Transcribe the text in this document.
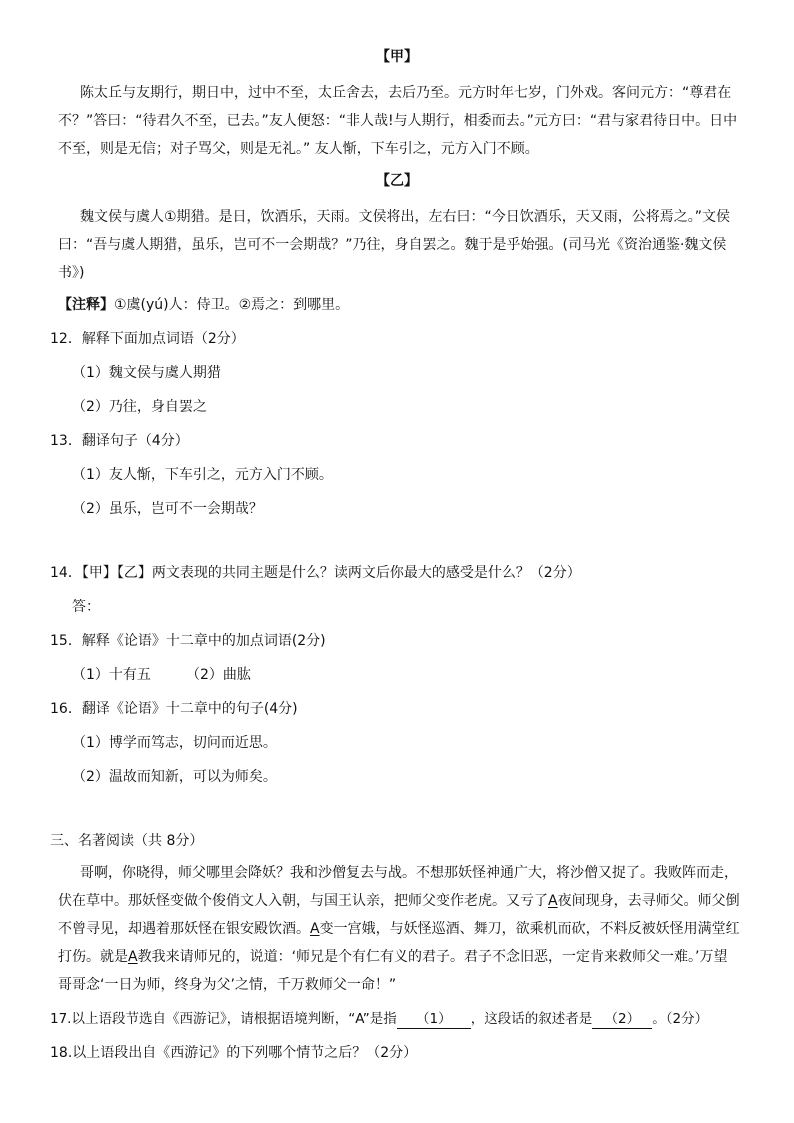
【甲】
陈太丘与友期行，期日中，过中不至，太丘舍去，去后乃至。元方时年七岁，门外戏。客问元方：“尊君在
不？”答曰：“待君久不至，已去。”友人便怒：“非人哉!与人期行，相委而去。”元方曰：“君与家君待日中。日中
不至，则是无信；对子骂父，则是无礼。” 友人惭，下车引之，元方入门不顾。
【乙】
魏文侯与虞人①期猎。是日，饮酒乐，天雨。文侯将出，左右曰：“今日饮酒乐，天又雨，公将焉之。”文侯
曰：“吾与虞人期猎，虽乐，岂可不一会期哉？”乃往，身自罢之。魏于是乎始强。(司马光《资治通鉴·魏文侯
书》)
【注释】①虞(yú)人：侍卫。②焉之：到哪里。
12．解释下面加点词语（2分）
（1）魏文侯与虞人期猎
（2）乃往，身自罢之
13．翻译句子（4分）
（1）友人惭，下车引之，元方入门不顾。
（2）虽乐，岂可不一会期哉？
14．【甲】【乙】两文表现的共同主题是什么？读两文后你最大的感受是什么？（2分）
答：
15．解释《论语》十二章中的加点词语(2分)
（1）十有五	（2）曲肱
16．翻译《论语》十二章中的句子(4分)
（1）博学而笃志，切问而近思。
（2）温故而知新，可以为师矣。
三、名著阅读（共 8分）
哥啊，你晓得，师父哪里会降妖？我和沙僧复去与战。不想那妖怪神通广大，将沙僧又捉了。我败阵而走，
伏在草中。那妖怪变做个俊俏文人入朝，与国王认亲，把师父变作老虎。又亏了A夜间现身，去寻师父。师父倒
不曾寻见，却遇着那妖怪在银安殿饮酒。A变一宫娥，与妖怪巡酒、舞刀，欲乘机而砍，不料反被妖怪用满堂红
打伤。就是A教我来请师兄的，说道：‘师兄是个有仁有义的君子。君子不念旧恶，一定肯来救师父一难。’万望
哥哥念‘一日为师，终身为父’之情，千万救师父一命！”
17.以上语段节选自《西游记》，请根据语境判断，“A”是指 （1） ，这段话的叙述者是 （2） 。（2分）
18.以上语段出自《西游记》的下列哪个情节之后？（2分）
